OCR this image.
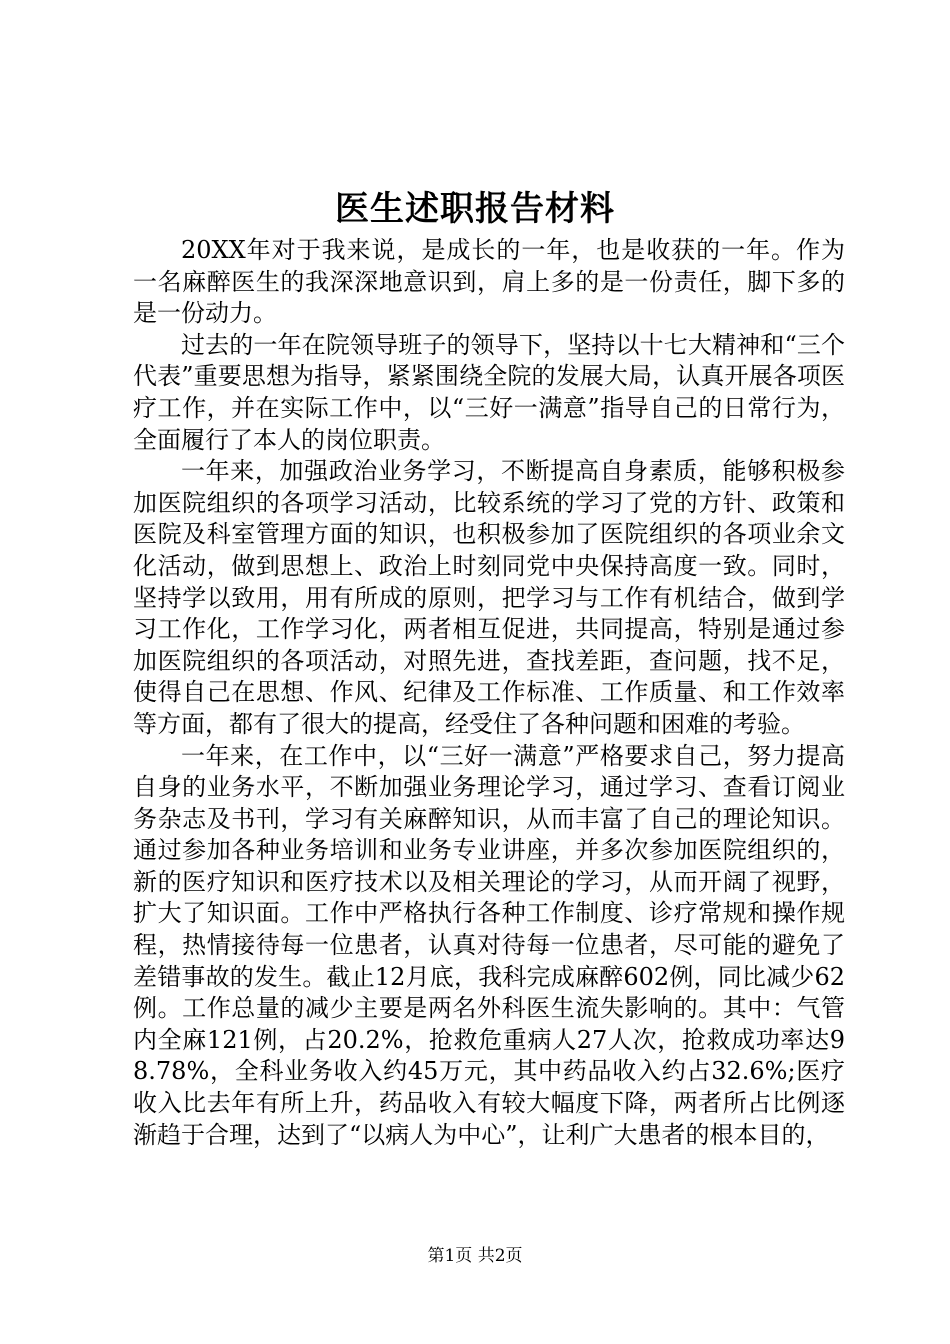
医生述职报告材料

20XX年对于我来说，是成长的一年，也是收获的一年。作为一名麻醉医生的我深深地意识到，肩上多的是一份责任，脚下多的是一份动力。

过去的一年在院领导班子的领导下，坚持以十七大精神和“三个代表”重要思想为指导，紧紧围绕全院的发展大局，认真开展各项医疗工作，并在实际工作中，以“三好一满意”指导自己的日常行为，全面履行了本人的岗位职责。

一年来，加强政治业务学习，不断提高自身素质，能够积极参加医院组织的各项学习活动，比较系统的学习了党的方针、政策和医院及科室管理方面的知识，也积极参加了医院组织的各项业余文化活动，做到思想上、政治上时刻同党中央保持高度一致。同时，坚持学以致用，用有所成的原则，把学习与工作有机结合，做到学习工作化，工作学习化，两者相互促进，共同提高，特别是通过参加医院组织的各项活动，对照先进，查找差距，查问题，找不足，使得自己在思想、作风、纪律及工作标准、工作质量、和工作效率等方面，都有了很大的提高，经受住了各种问题和困难的考验。

一年来，在工作中，以“三好一满意”严格要求自己，努力提高自身的业务水平，不断加强业务理论学习，通过学习、查看订阅业务杂志及书刊，学习有关麻醉知识，从而丰富了自己的理论知识。通过参加各种业务培训和业务专业讲座，并多次参加医院组织的，新的医疗知识和医疗技术以及相关理论的学习，从而开阔了视野，扩大了知识面。工作中严格执行各种工作制度、诊疗常规和操作规程，热情接待每一位患者，认真对待每一位患者，尽可能的避免了差错事故的发生。截止12月底，我科完成麻醉602例，同比减少62例。工作总量的减少主要是两名外科医生流失影响的。其中：气管内全麻121例，占20.2%，抢救危重病人27人次，抢救成功率达98.78%，全科业务收入约45万元，其中药品收入约占32.6%;医疗收入比去年有所上升，药品收入有较大幅度下降，两者所占比例逐渐趋于合理，达到了“以病人为中心”，让利广大患者的根本目的，

第1页 共2页
